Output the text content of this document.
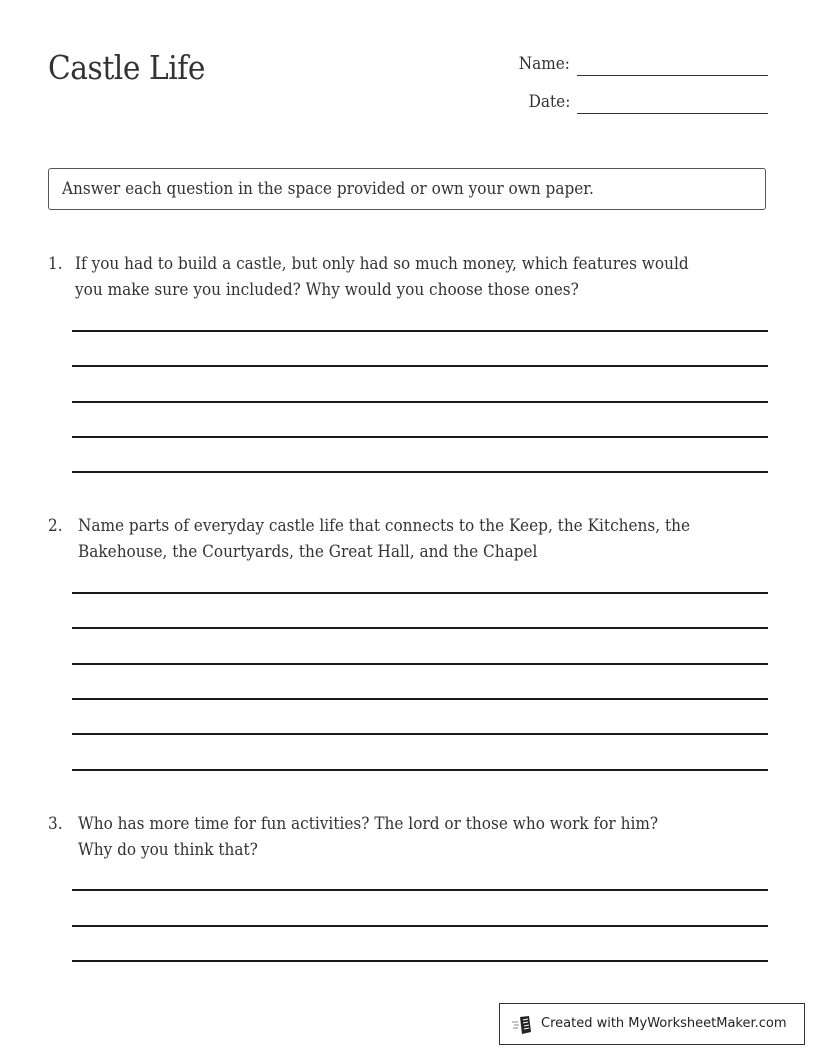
Castle Life	Name:
Date:
Answer each question in the space provided or own your own paper.
1. If you had to build a castle, but only had so much money, which features would
you make sure you included? Why would you choose those ones?
2. Name parts of everyday castle life that connects to the Keep, the Kitchens, the
Bakehouse, the Courtyards, the Great Hall, and the Chapel
3. Who has more time for fun activities? The lord or those who work for him?
Why do you think that?
Created with MyWorksheetMaker.com
